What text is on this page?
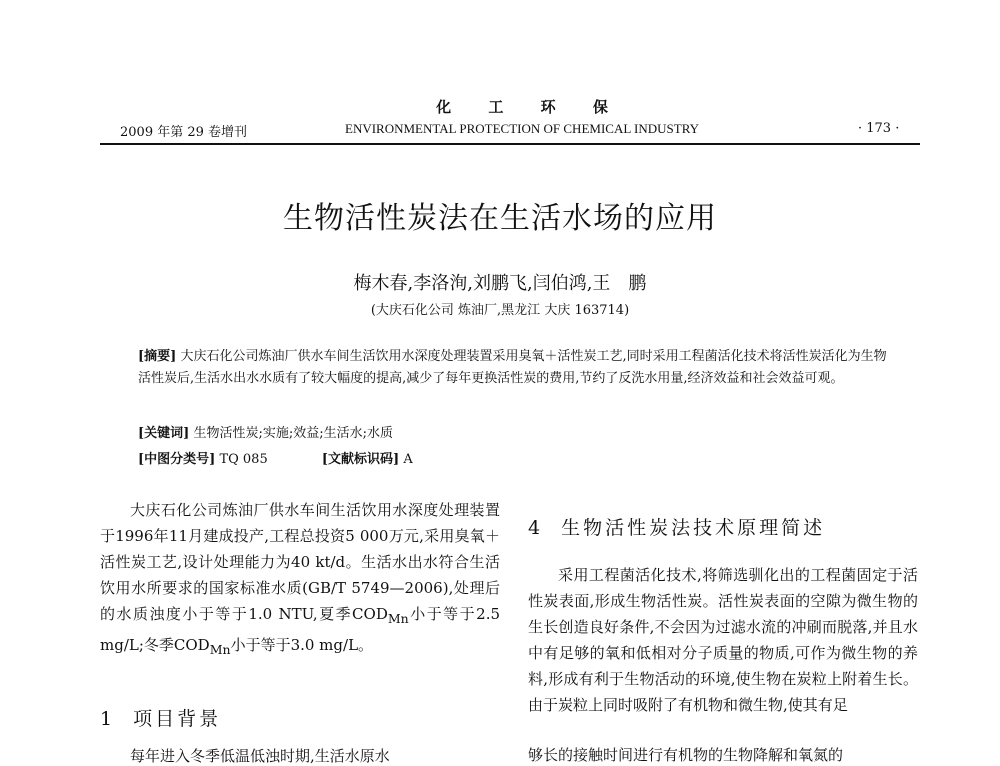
化 工 环 保
2009 年第 29 卷增刊	ENVIRONMENTAL PROTECTION OF CHEMICAL INDUSTRY	· 173 ·
生物活性炭法在生活水场的应用
梅木春,李洛洵,刘鹏飞,闫伯鸿,王　鹏
(大庆石化公司 炼油厂,黑龙江 大庆 163714)
[摘要] 大庆石化公司炼油厂供水车间生活饮用水深度处理装置采用臭氧＋活性炭工艺,同时采用工程菌活化技术将活性炭活化为生物活性炭后,生活水出水水质有了较大幅度的提高,减少了每年更换活性炭的费用,节约了反洗水用量,经济效益和社会效益可观。
[关键词] 生物活性炭;实施;效益;生活水;水质
[中图分类号] TQ 085	[文献标识码] A

大庆石化公司炼油厂供水车间生活饮用水深度处理装置于1996年11月建成投产,工程总投资5 000万元,采用臭氧＋活性炭工艺,设计处理能力为40 kt/d。生活水出水符合生活饮用水所要求的国家标准水质(GB/T 5749—2006),处理后的水质浊度小于等于1.0 NTU,夏季$COD_{Mn}$小于等于2.5 mg/L;冬季$COD_{Mn}$小于等于3.0 mg/L。

1 项目背景

每年进入冬季低温低浊时期,生活水原水

4 生物活性炭法技术原理简述

采用工程菌活化技术,将筛选驯化出的工程菌固定于活性炭表面,形成生物活性炭。活性炭表面的空隙为微生物的生长创造良好条件,不会因为过滤水流的冲刷而脱落,并且水中有足够的氧和低相对分子质量的物质,可作为微生物的养料,形成有利于生物活动的环境,使生物在炭粒上附着生长。由于炭粒上同时吸附了有机物和微生物,使其有足

够长的接触时间进行有机物的生物降解和氧氮的
